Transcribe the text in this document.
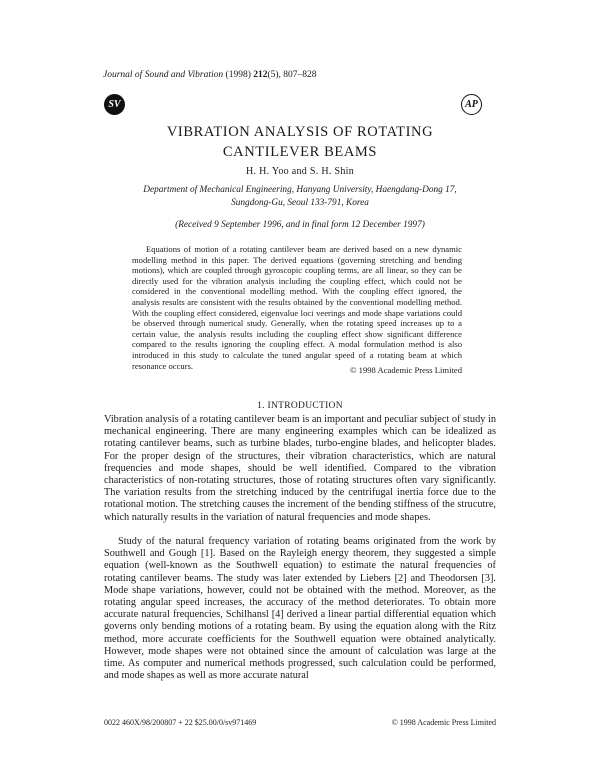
Journal of Sound and Vibration (1998) 212(5), 807–828
SV	AP
VIBRATION ANALYSIS OF ROTATING
CANTILEVER BEAMS
H. H. Yoo and S. H. Shin
Department of Mechanical Engineering, Hanyang University, Haengdang-Dong 17,
Sungdong-Gu, Seoul 133-791, Korea
(Received 9 September 1996, and in final form 12 December 1997)
Equations of motion of a rotating cantilever beam are derived based on a new dynamic modelling method in this paper. The derived equations (governing stretching and bending motions), which are coupled through gyroscopic coupling terms, are all linear, so they can be directly used for the vibration analysis including the coupling effect, which could not be considered in the conventional modelling method. With the coupling effect ignored, the analysis results are consistent with the results obtained by the conventional modelling method. With the coupling effect considered, eigenvalue loci veerings and mode shape variations could be observed through numerical study. Generally, when the rotating speed increases up to a certain value, the analysis results including the coupling effect show significant difference compared to the results ignoring the coupling effect. A modal formulation method is also introduced in this study to calculate the tuned angular speed of a rotating beam at which resonance occurs.	© 1998 Academic Press Limited
1. INTRODUCTION
Vibration analysis of a rotating cantilever beam is an important and peculiar subject of study in mechanical engineering. There are many engineering examples which can be idealized as rotating cantilever beams, such as turbine blades, turbo-engine blades, and helicopter blades. For the proper design of the structures, their vibration characteristics, which are natural frequencies and mode shapes, should be well identified. Compared to the vibration characteristics of non-rotating structures, those of rotating structures often vary significantly. The variation results from the stretching induced by the centrifugal inertia force due to the rotational motion. The stretching causes the increment of the bending stiffness of the strucutre, which naturally results in the variation of natural frequencies and mode shapes.
Study of the natural frequency variation of rotating beams originated from the work by Southwell and Gough [1]. Based on the Rayleigh energy theorem, they suggested a simple equation (well-known as the Southwell equation) to estimate the natural frequencies of rotating cantilever beams. The study was later extended by Liebers [2] and Theodorsen [3]. Mode shape variations, however, could not be obtained with the method. Moreover, as the rotating angular speed increases, the accuracy of the method deteriorates. To obtain more accurate natural frequencies, Schilhansl [4] derived a linear partial differential equation which governs only bending motions of a rotating beam. By using the equation along with the Ritz method, more accurate coefficients for the Southwell equation were obtained analytically. However, mode shapes were not obtained since the amount of calculation was large at the time. As computer and numerical methods progressed, such calculation could be performed, and mode shapes as well as more accurate natural
0022 460X/98/200807 + 22 $25.00/0/sv971469	© 1998 Academic Press Limited
